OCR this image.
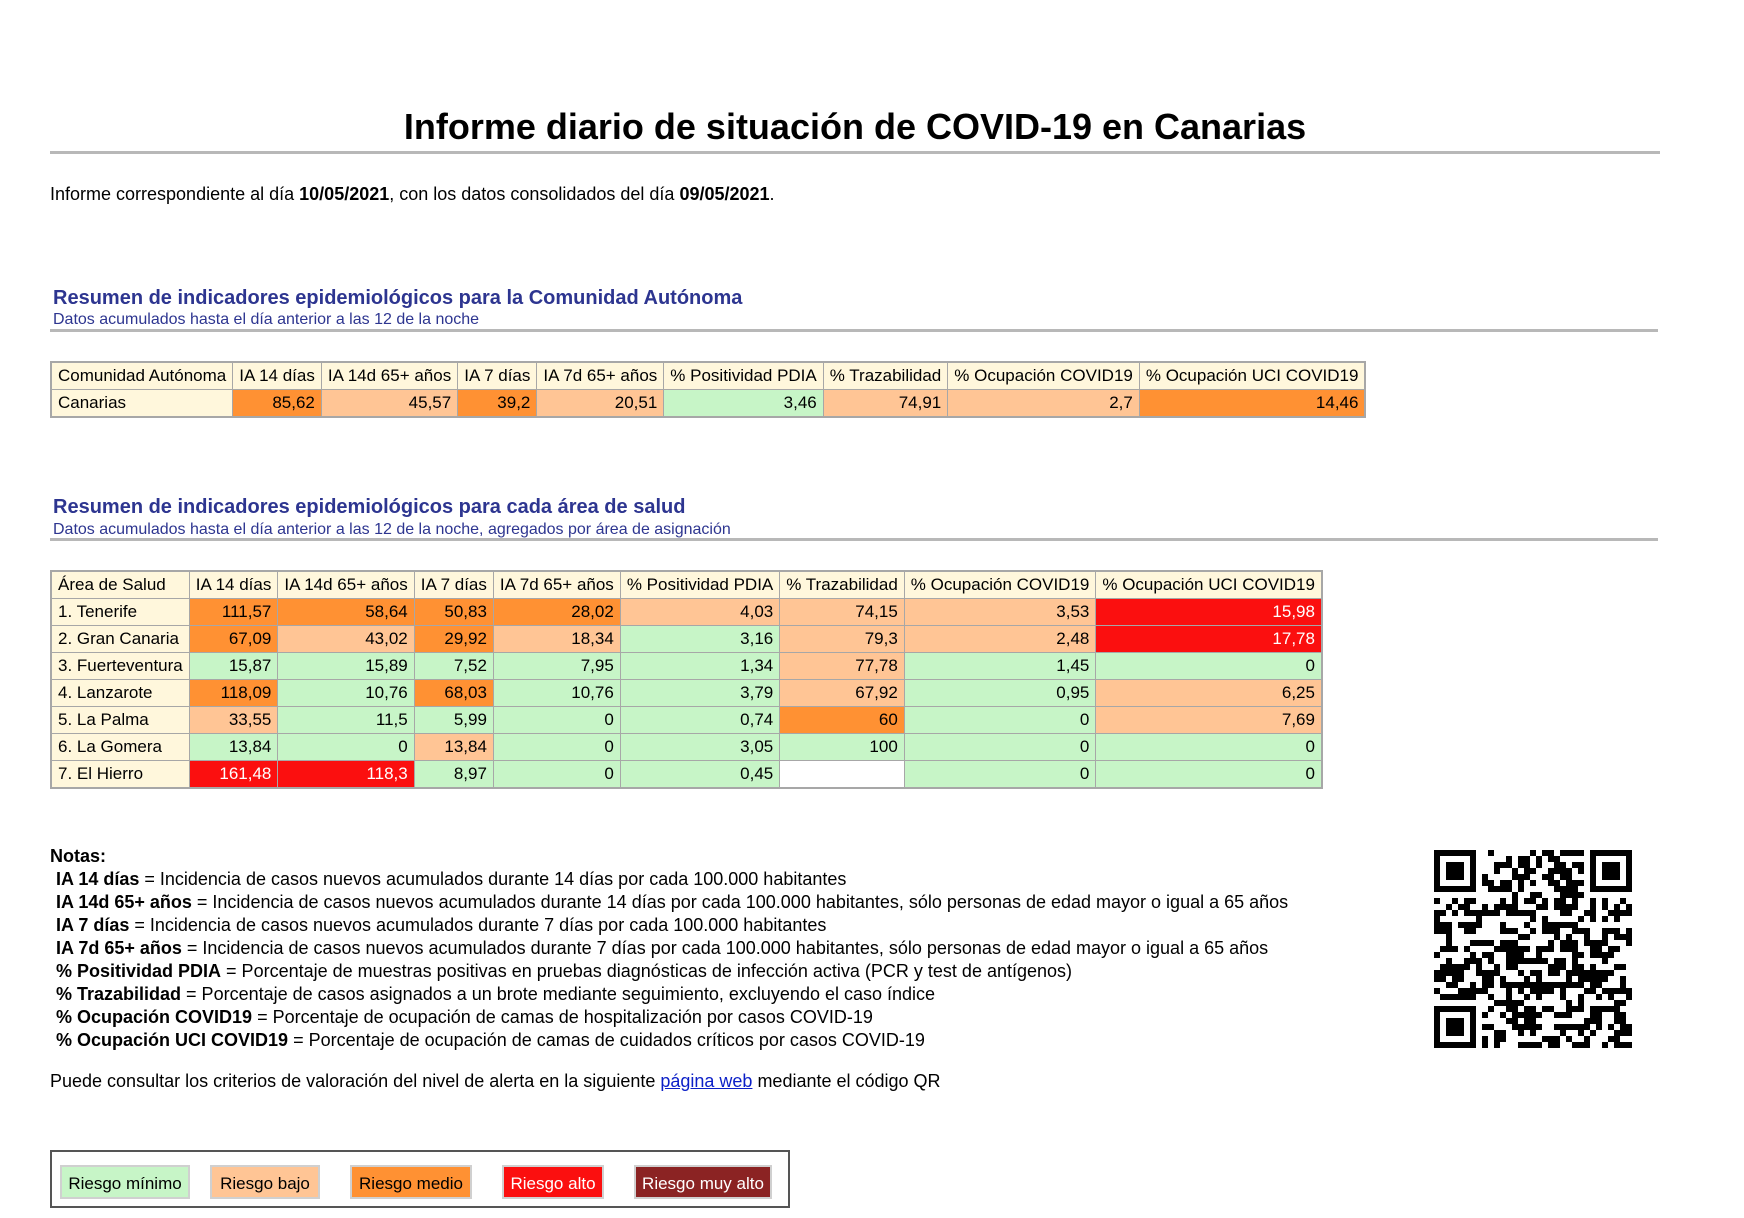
Informe diario de situación de COVID-19 en Canarias
Informe correspondiente al día 10/05/2021, con los datos consolidados del día 09/05/2021.
Resumen de indicadores epidemiológicos para la Comunidad Autónoma
Datos acumulados hasta el día anterior a las 12 de la noche
Comunidad Autónoma	IA 14 días	IA 14d 65+ años	IA 7 días	IA 7d 65+ años	% Positividad PDIA	% Trazabilidad	% Ocupación COVID19	% Ocupación UCI COVID19
Canarias	85,62	45,57	39,2	20,51	3,46	74,91	2,7	14,46
Resumen de indicadores epidemiológicos para cada área de salud
Datos acumulados hasta el día anterior a las 12 de la noche, agregados por área de asignación
Área de Salud	IA 14 días	IA 14d 65+ años	IA 7 días	IA 7d 65+ años	% Positividad PDIA	% Trazabilidad	% Ocupación COVID19	% Ocupación UCI COVID19
1. Tenerife	111,57	58,64	50,83	28,02	4,03	74,15	3,53	15,98
2. Gran Canaria	67,09	43,02	29,92	18,34	3,16	79,3	2,48	17,78
3. Fuerteventura	15,87	15,89	7,52	7,95	1,34	77,78	1,45	0
4. Lanzarote	118,09	10,76	68,03	10,76	3,79	67,92	0,95	6,25
5. La Palma	33,55	11,5	5,99	0	0,74	60	0	7,69
6. La Gomera	13,84	0	13,84	0	3,05	100	0	0
7. El Hierro	161,48	118,3	8,97	0	0,45		0	0
Notas:
IA 14 días = Incidencia de casos nuevos acumulados durante 14 días por cada 100.000 habitantes
IA 14d 65+ años = Incidencia de casos nuevos acumulados durante 14 días por cada 100.000 habitantes, sólo personas de edad mayor o igual a 65 años
IA 7 días = Incidencia de casos nuevos acumulados durante 7 días por cada 100.000 habitantes
IA 7d 65+ años = Incidencia de casos nuevos acumulados durante 7 días por cada 100.000 habitantes, sólo personas de edad mayor o igual a 65 años
% Positividad PDIA = Porcentaje de muestras positivas en pruebas diagnósticas de infección activa (PCR y test de antígenos)
% Trazabilidad = Porcentaje de casos asignados a un brote mediante seguimiento, excluyendo el caso índice
% Ocupación COVID19 = Porcentaje de ocupación de camas de hospitalización por casos COVID-19
% Ocupación UCI COVID19 = Porcentaje de ocupación de camas de cuidados críticos por casos COVID-19
Puede consultar los criterios de valoración del nivel de alerta en la siguiente página web mediante el código QR
Riesgo mínimo	Riesgo bajo	Riesgo medio	Riesgo alto	Riesgo muy alto
